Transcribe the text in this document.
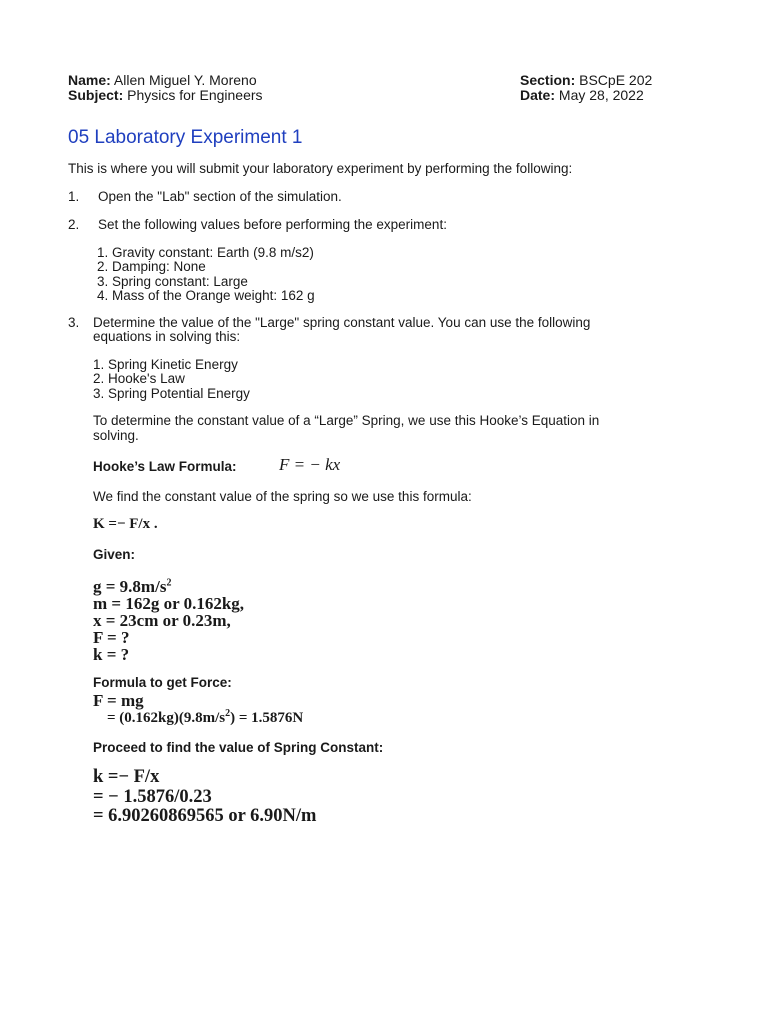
Name: Allen Miguel Y. Moreno
Subject: Physics for Engineers
Section: BSCpE 202
Date: May 28, 2022
05 Laboratory Experiment 1
This is where you will submit your laboratory experiment by performing the following:
1. Open the "Lab" section of the simulation.
2. Set the following values before performing the experiment:
1. Gravity constant: Earth (9.8 m/s2)
2. Damping: None
3. Spring constant: Large
4. Mass of the Orange weight: 162 g
3. Determine the value of the "Large" spring constant value. You can use the following
equations in solving this:
1. Spring Kinetic Energy
2. Hooke's Law
3. Spring Potential Energy
To determine the constant value of a “Large” Spring, we use this Hooke’s Equation in
solving.
Hooke’s Law Formula: F = − kx
We find the constant value of the spring so we use this formula:
K =− F/x .
Given:
$g = 9.8m/s^2$
m = 162g or 0.162kg,
x = 23cm or 0.23m,
F = ?
k = ?
Formula to get Force:
F = mg
= $(0.162kg)(9.8m/s^2) = 1.5876N$
Proceed to find the value of Spring Constant:
k =− F/x
= − 1.5876/0.23
= 6.90260869565 or 6.90N/m
